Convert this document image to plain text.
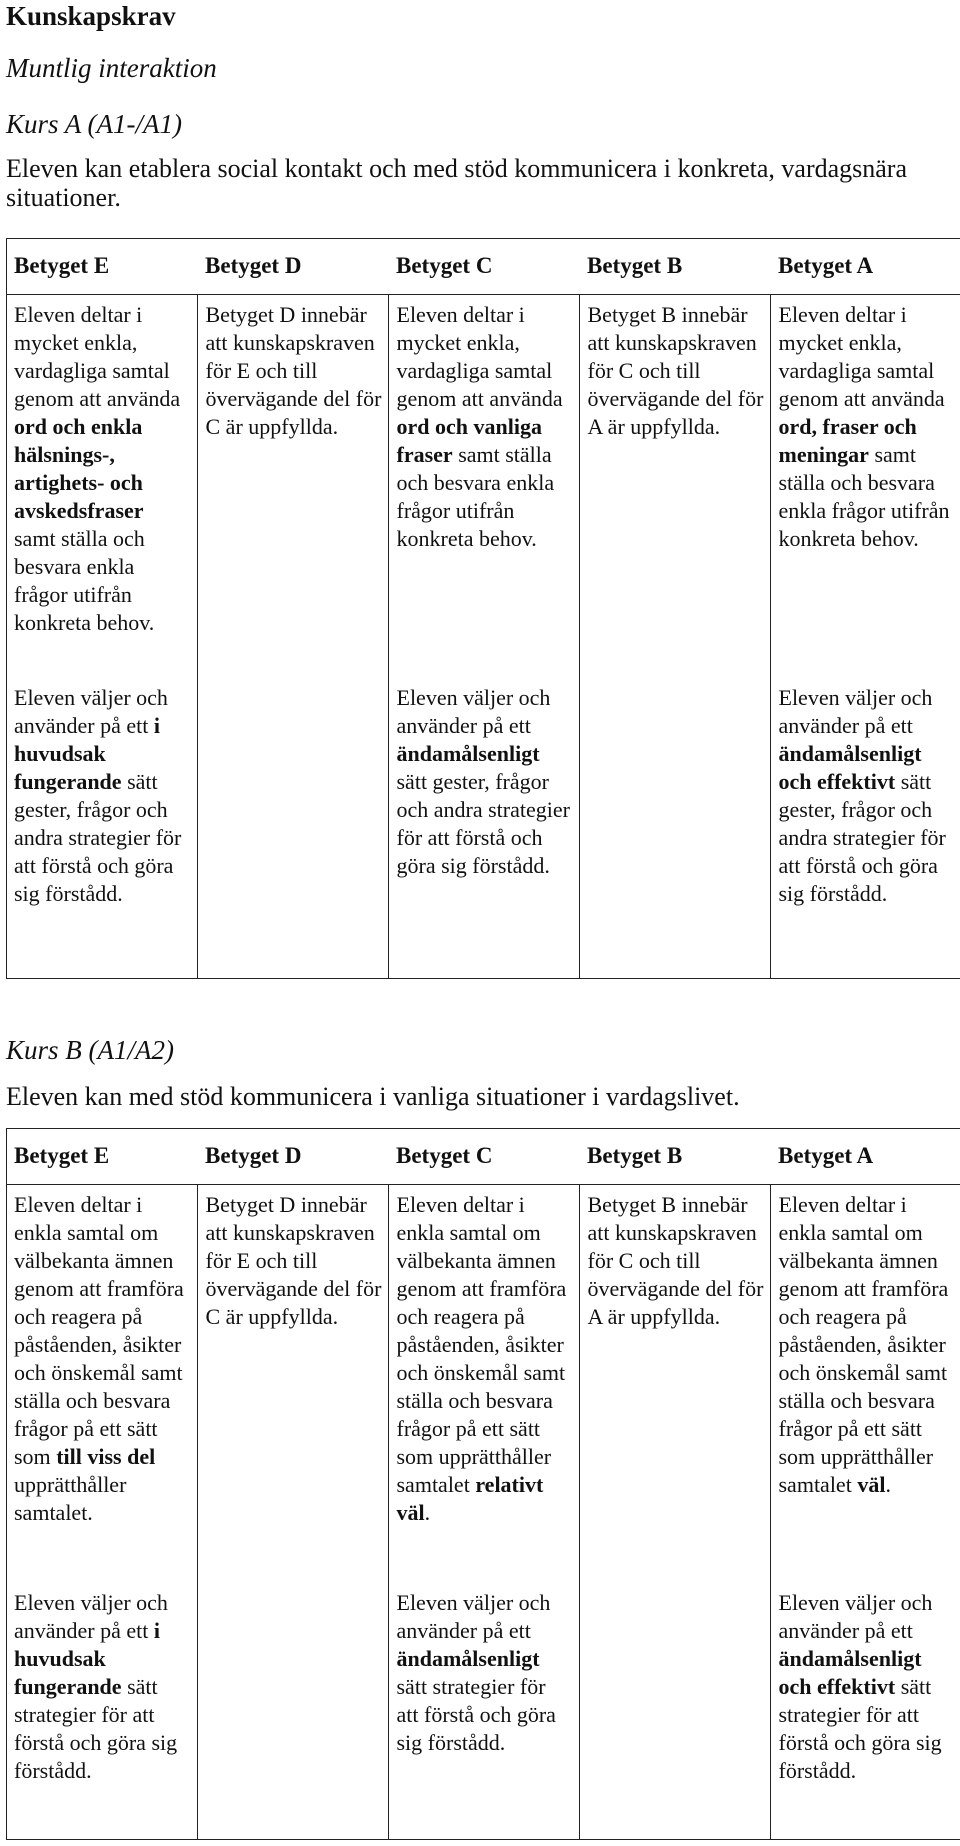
Kunskapskrav
Muntlig interaktion
Kurs A (A1-/A1)
Eleven kan etablera social kontakt och med stöd kommunicera i konkreta, vardagsnära situationer.
Betyget E	Betyget D	Betyget C	Betyget B	Betyget A
Eleven deltar i mycket enkla, vardagliga samtal genom att använda ord och enkla hälsnings-, artighets- och avskedsfraser samt ställa och besvara enkla frågor utifrån konkreta behov.	Betyget D innebär att kunskapskraven för E och till övervägande del för C är uppfyllda.	Eleven deltar i mycket enkla, vardagliga samtal genom att använda ord och vanliga fraser samt ställa och besvara enkla frågor utifrån konkreta behov.	Betyget B innebär att kunskapskraven för C och till övervägande del för A är uppfyllda.	Eleven deltar i mycket enkla, vardagliga samtal genom att använda ord, fraser och meningar samt ställa och besvara enkla frågor utifrån konkreta behov.
Eleven väljer och använder på ett i huvudsak fungerande sätt gester, frågor och andra strategier för att förstå och göra sig förstådd.		Eleven väljer och använder på ett ändamålsenligt sätt gester, frågor och andra strategier för att förstå och göra sig förstådd.		Eleven väljer och använder på ett ändamålsenligt och effektivt sätt gester, frågor och andra strategier för att förstå och göra sig förstådd.
Kurs B (A1/A2)
Eleven kan med stöd kommunicera i vanliga situationer i vardagslivet.
Betyget E	Betyget D	Betyget C	Betyget B	Betyget A
Eleven deltar i enkla samtal om välbekanta ämnen genom att framföra och reagera på påståenden, åsikter och önskemål samt ställa och besvara frågor på ett sätt som till viss del upprätthåller samtalet.	Betyget D innebär att kunskapskraven för E och till övervägande del för C är uppfyllda.	Eleven deltar i enkla samtal om välbekanta ämnen genom att framföra och reagera på påståenden, åsikter och önskemål samt ställa och besvara frågor på ett sätt som upprätthåller samtalet relativt väl.	Betyget B innebär att kunskapskraven för C och till övervägande del för A är uppfyllda.	Eleven deltar i enkla samtal om välbekanta ämnen genom att framföra och reagera på påståenden, åsikter och önskemål samt ställa och besvara frågor på ett sätt som upprätthåller samtalet väl.
Eleven väljer och använder på ett i huvudsak fungerande sätt strategier för att förstå och göra sig förstådd.		Eleven väljer och använder på ett ändamålsenligt sätt strategier för att förstå och göra sig förstådd.		Eleven väljer och använder på ett ändamålsenligt och effektivt sätt strategier för att förstå och göra sig förstådd.
